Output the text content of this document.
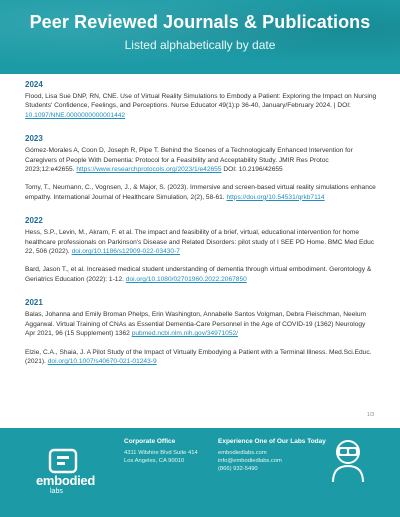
Peer Reviewed Journals & Publications
Listed alphabetically by date
2024

Flood, Lisa Sue DNP, RN, CNE. Use of Virtual Reality Simulations to Embody a Patient: Exploring the Impact on Nursing Students' Confidence, Feelings, and Perceptions. Nurse Educator 49(1):p 36-40, January/February 2024. | DOI: 10.1097/NNE.0000000000001442

2023

Gómez-Morales A, Coon D, Joseph R, Pipe T. Behind the Scenes of a Technologically Enhanced Intervention for Caregivers of People With Dementia: Protocol for a Feasibility and Acceptability Study. JMIR Res Protoc 2023;12:e42655. https://www.researchprotocols.org/2023/1/e42655 DOI: 10.2196/42655

Tomy, T., Neumann, C., Vognsen, J., & Major, S. (2023). Immersive and screen-based virtual reality simulations enhance empathy. International Journal of Healthcare Simulation, 2(2), 58-61. https://doi.org/10.54531/qrkb7114

2022

Hess, S.P., Levin, M., Akram, F. et al. The impact and feasibility of a brief, virtual, educational intervention for home healthcare professionals on Parkinson's Disease and Related Disorders: pilot study of I SEE PD Home. BMC Med Educ 22, 506 (2022). doi.org/10.1186/s12909-022-03430-7

Bard, Jason T., et al. Increased medical student understanding of dementia through virtual embodiment. Gerontology & Geriatrics Education (2022): 1-12. doi.org/10.1080/02701960.2022.2067850

2021

Balas, Johanna and Emily Broman Phelps, Erin Washington, Annabelle Santos Volgman, Debra Fleischman, Neelum Aggarwal. Virtual Training of CNAs as Essential Dementia-Care Personnel in the Age of COVID-19 (1362) Neurology Apr 2021, 96 (15 Supplement) 1362 pubmed.ncbi.nlm.nih.gov/34971052/

Elzie, C.A., Shaia, J. A Pilot Study of the Impact of Virtually Embodying a Patient with a Terminal Illness. Med.Sci.Educ. (2021). doi.org/10.1007/s40670-021-01243-9

1/3
embodied
labs
Corporate Office
4311 Wilshire Blvd Suite 414
Los Angeles, CA 90010
Experience One of Our Labs Today
embodiedlabs.com
info@embodiedlabs.com
(866) 932-5490
